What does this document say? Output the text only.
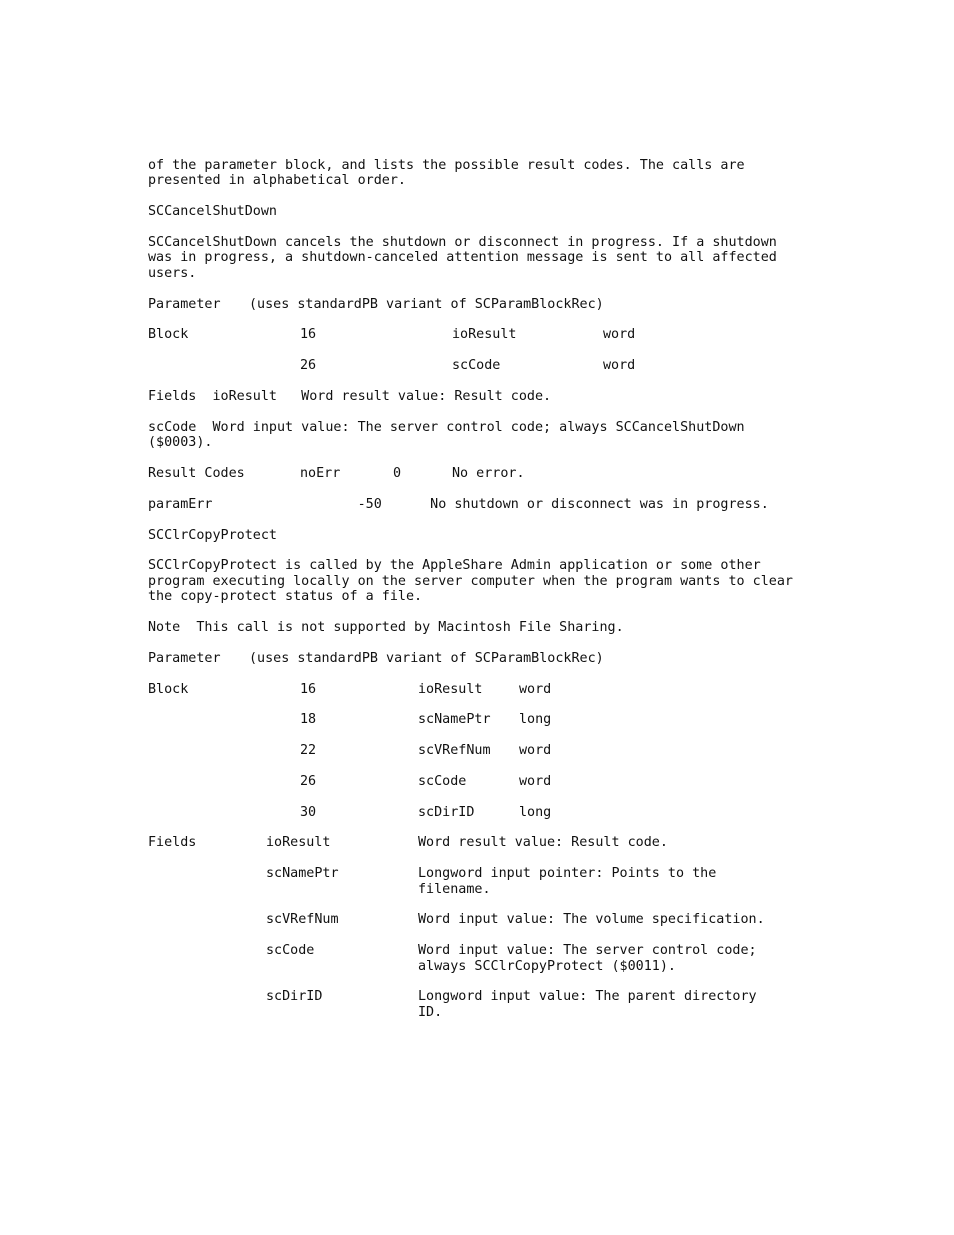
of the parameter block, and lists the possible result codes. The calls are presented in alphabetical order.

SCCancelShutDown

SCCancelShutDown cancels the shutdown or disconnect in progress. If a shutdown was in progress, a shutdown-canceled attention message is sent to all affected users.

Parameter (uses standardPB variant of SCParamBlockRec)
Block	16	ioResult	word
26	scCode	word

Fields  ioResult   Word result value: Result code.

scCode  Word input value: The server control code; always SCCancelShutDown ($0003).

Result Codes	noErr	0	No error.

paramErr                  -50      No shutdown or disconnect was in progress.

SCClrCopyProtect

SCClrCopyProtect is called by the AppleShare Admin application or some other program executing locally on the server computer when the program wants to clear the copy-protect status of a file.

Note  This call is not supported by Macintosh File Sharing.

Parameter (uses standardPB variant of SCParamBlockRec)
Block	16	ioResult	word
18	scNamePtr long
22	scVRefNum word
26	scCode	word
30	scDirID	long
Fields	ioResult	Word result value: Result code.
scNamePtr	Longword input pointer: Points to the filename.
scVRefNum	Word input value: The volume specification.
scCode	Word input value: The server control code; always SCClrCopyProtect ($0011).
scDirID	Longword input value: The parent directory ID.
